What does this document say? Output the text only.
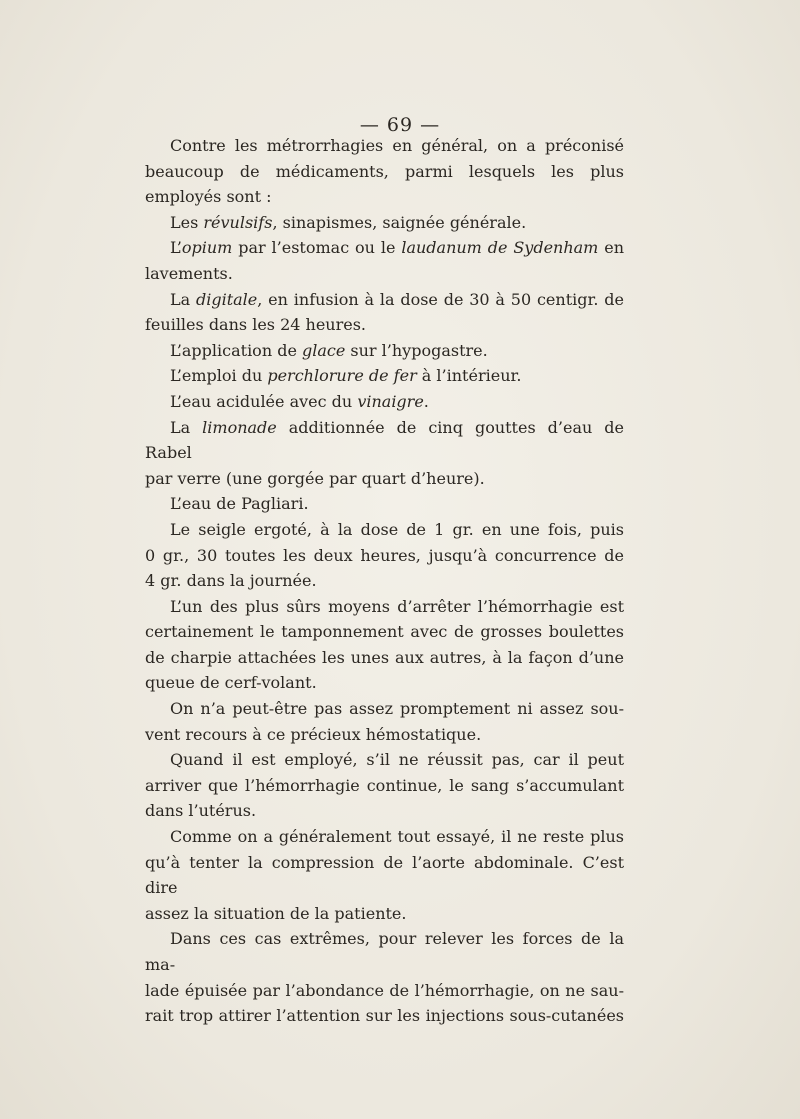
— 69 —

Contre les métrorrhagies en général, on a préconisé

beaucoup de médicaments, parmi lesquels les plus

employés sont :

Les révulsifs, sinapismes, saignée générale.

L’opium par l’estomac ou le laudanum de Sydenham en

lavements.

La digitale, en infusion à la dose de 30 à 50 centigr. de

feuilles dans les 24 heures.

L’application de glace sur l’hypogastre.

L’emploi du perchlorure de fer à l’intérieur.

L’eau acidulée avec du vinaigre.

La limonade additionnée de cinq gouttes d’eau de Rabel

par verre (une gorgée par quart d’heure).

L’eau de Pagliari.

Le seigle ergoté, à la dose de 1 gr. en une fois, puis

0 gr., 30 toutes les deux heures, jusqu’à concurrence de

4 gr. dans la journée.

L’un des plus sûrs moyens d’arrêter l’hémorrhagie est

certainement le tamponnement avec de grosses boulettes

de charpie attachées les unes aux autres, à la façon d’une

queue de cerf-volant.

On n’a peut-être pas assez promptement ni assez sou-

vent recours à ce précieux hémostatique.

Quand il est employé, s’il ne réussit pas, car il peut

arriver que l’hémorrhagie continue, le sang s’accumulant

dans l’utérus.

Comme on a généralement tout essayé, il ne reste plus

qu’à tenter la compression de l’aorte abdominale. C’est dire

assez la situation de la patiente.

Dans ces cas extrêmes, pour relever les forces de la ma-

lade épuisée par l’abondance de l’hémorrhagie, on ne sau-

rait trop attirer l’attention sur les injections sous-cutanées
